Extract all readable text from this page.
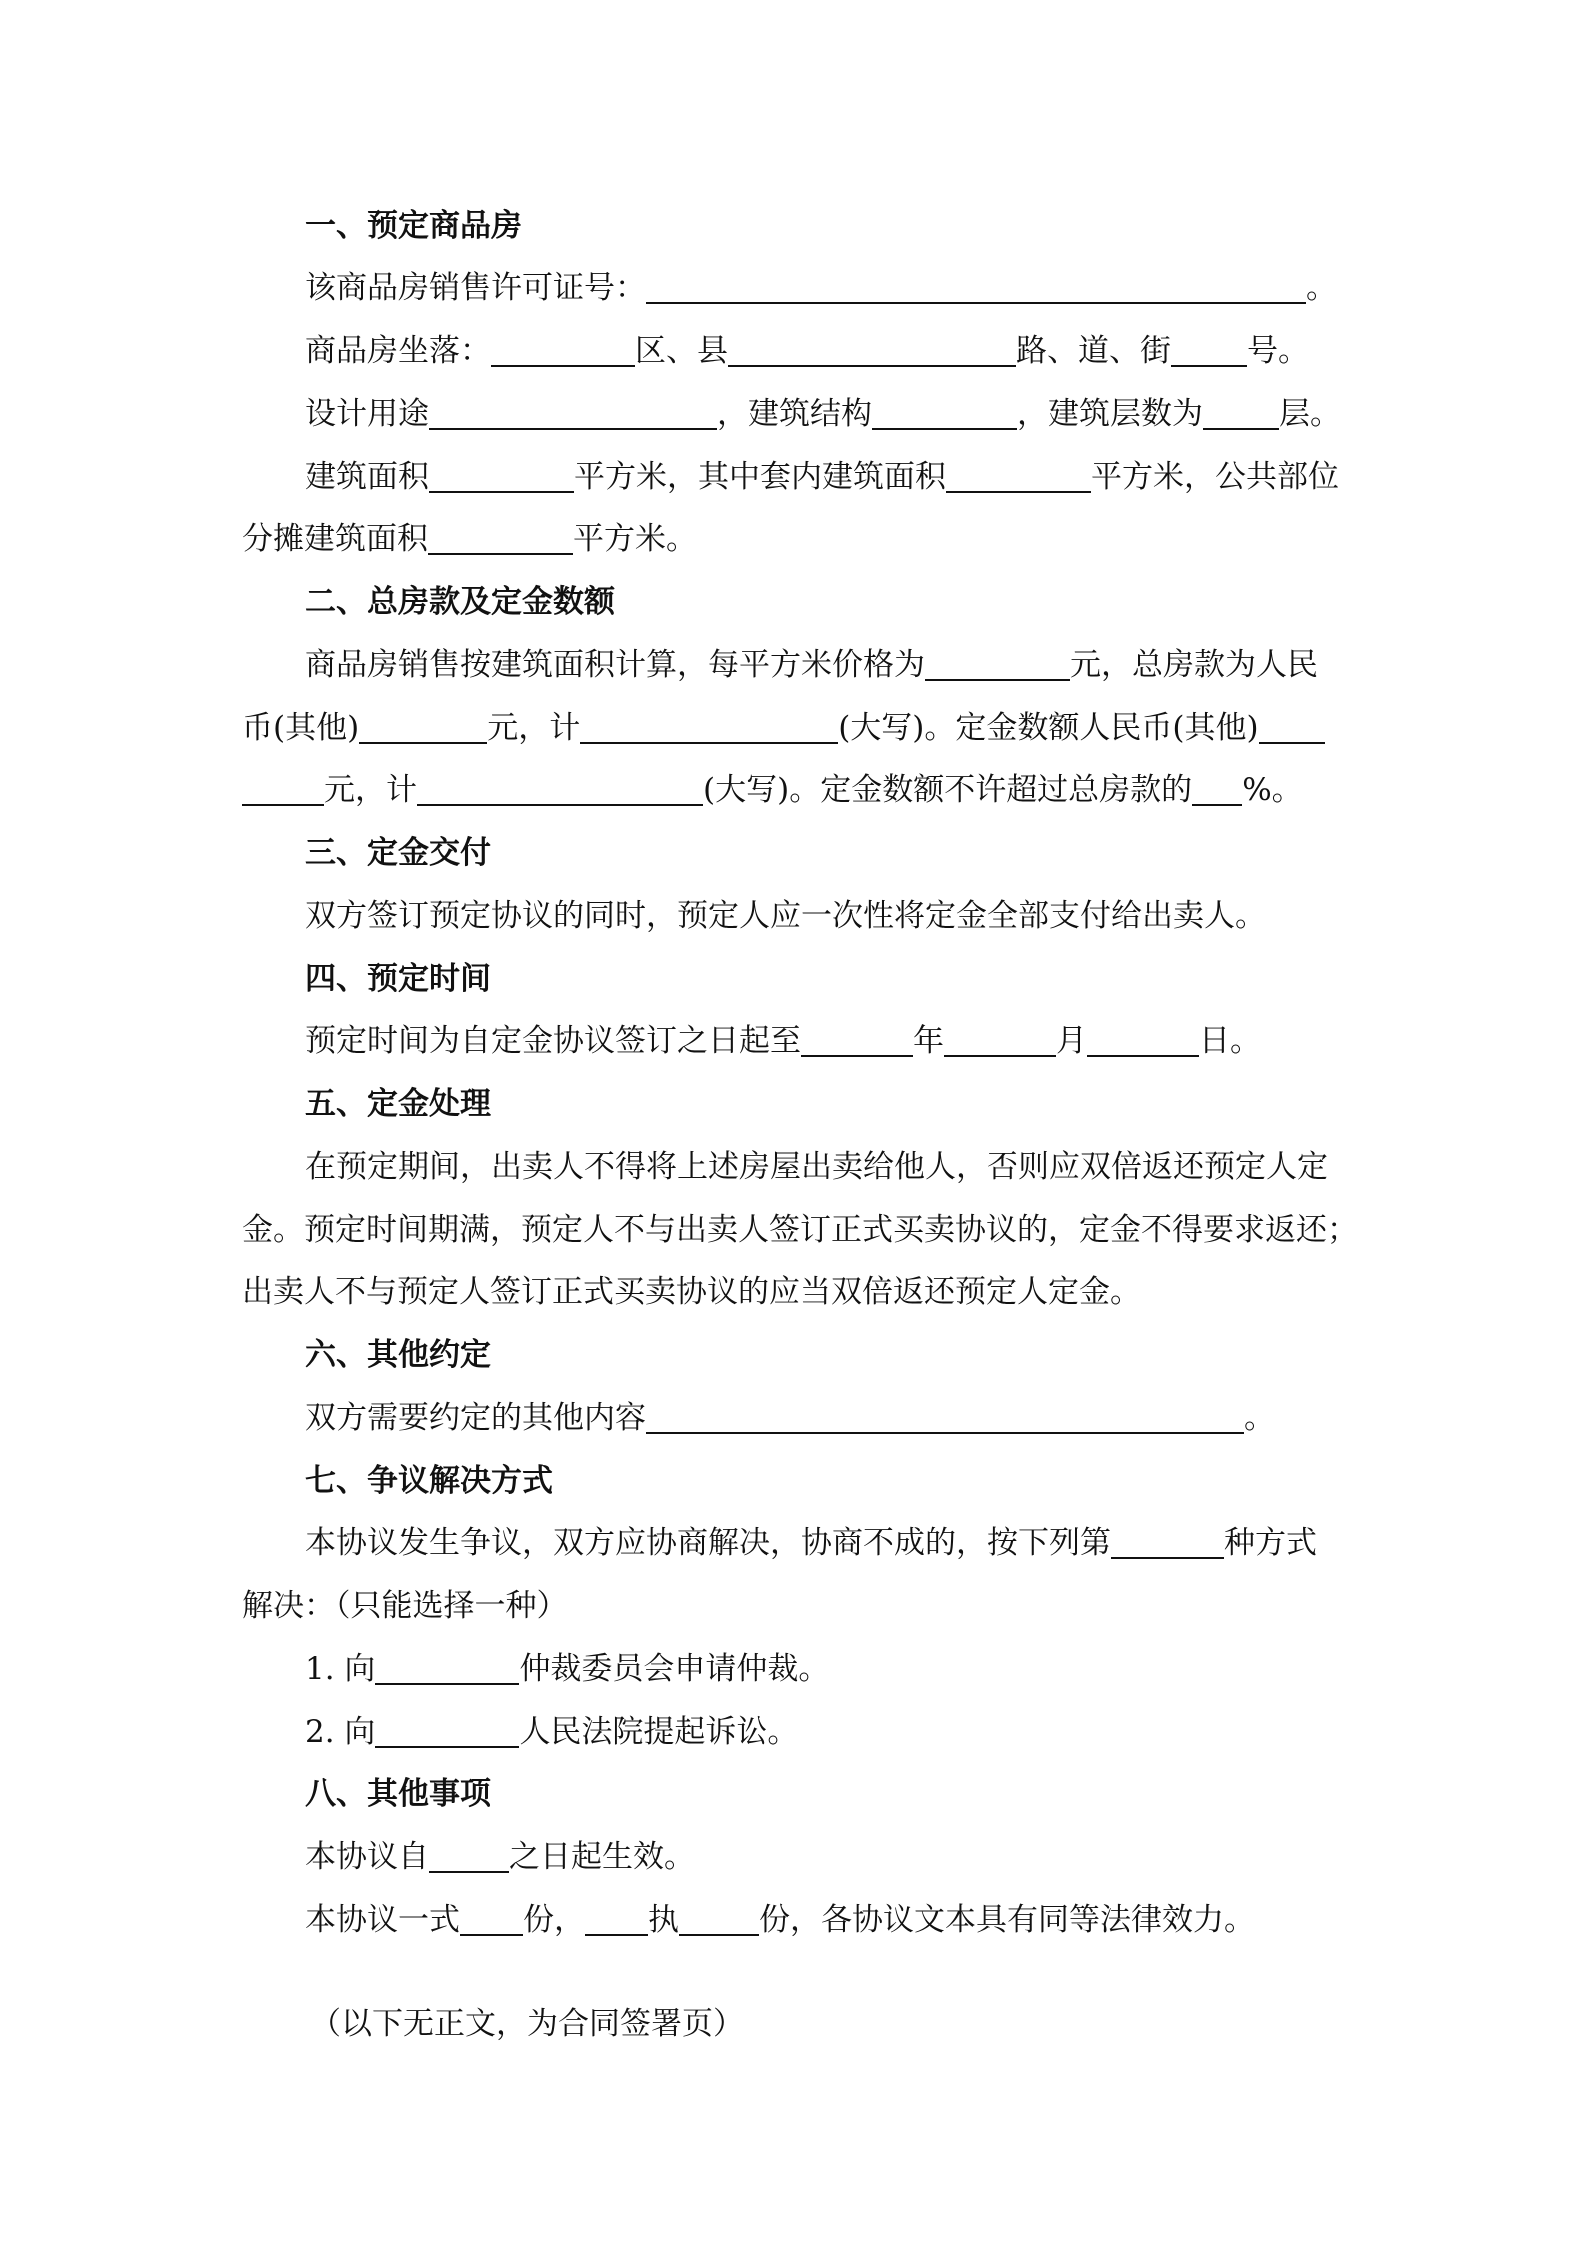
一、预定商品房
该商品房销售许可证号：	。
商品房坐落：	区、县	路、道、街 号。
设计用途	，建筑结构	，建筑层数为 层。
建筑面积	平方米，其中套内建筑面积	平方米，公共部位
分摊建筑面积	平方米。
二、总房款及定金数额
商品房销售按建筑面积计算，每平方米价格为	元，总房款为人民
币(其他)	元，计	(大写)。定金数额人民币(其他)
元，计	(大写)。定金数额不许超过总房款的 %。
三、定金交付
双方签订预定协议的同时，预定人应一次性将定金全部支付给出卖人。
四、预定时间
预定时间为自定金协议签订之日起至	年	月	日。
五、定金处理
在预定期间，出卖人不得将上述房屋出卖给他人，否则应双倍返还预定人定
金。预定时间期满，预定人不与出卖人签订正式买卖协议的，定金不得要求返还；
出卖人不与预定人签订正式买卖协议的应当双倍返还预定人定金。
六、其他约定
双方需要约定的其他内容	。
七、争议解决方式
本协议发生争议，双方应协商解决，协商不成的，按下列第	种方式
解决：（只能选择一种）
1. 向	仲裁委员会申请仲裁。
2. 向	人民法院提起诉讼。
八、其他事项
本协议自	之日起生效。
本协议一式 份， 执	份，各协议文本具有同等法律效力。
（以下无正文，为合同签署页）
